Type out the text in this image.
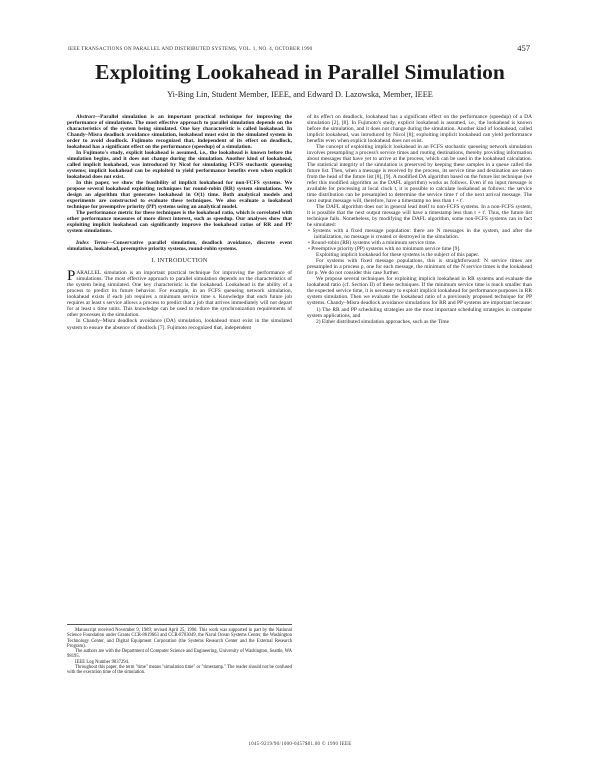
IEEE TRANSACTIONS ON PARALLEL AND DISTRIBUTED SYSTEMS, VOL. 1, NO. 4, OCTOBER 1990	457
Exploiting Lookahead in Parallel Simulation
Yi-Bing Lin, Student Member, IEEE, and Edward D. Lazowska, Member, IEEE

Abstract—Parallel simulation is an important practical technique for improving the performance of simulations. The most effective approach to parallel simulation depends on the characteristics of the system being simulated. One key characteristic is called lookahead. In Chandy–Misra deadlock avoidance simulation, lookahead must exist in the simulated system in order to avoid deadlock. Fujimoto recognized that, independent of its effect on deadlock, lookahead has a significant effect on the performance (speedup) of a simulation.

In Fujimoto's study, explicit lookahead is assumed, i.e., the lookahead is known before the simulation begins, and it does not change during the simulation. Another kind of lookahead, called implicit lookahead, was introduced by Nicol for simulating FCFS stochastic queueing systems; implicit lookahead can be exploited to yield performance benefits even when explicit lookahead does not exist.

In this paper, we show the feasibility of implicit lookahead for non-FCFS systems. We propose several lookahead exploiting techniques for round-robin (RR) system simulations. We design an algorithm that generates lookahead in O(1) time. Both analytical models and experiments are constructed to evaluate these techniques. We also evaluate a lookahead technique for preemptive priority (PP) systems using an analytical model.

The performance metric for these techniques is the lookahead ratio, which is correlated with other performance measures of more direct interest, such as speedup. Our analyses show that exploiting implicit lookahead can significantly improve the lookahead ratios of RR and PP system simulations.

Index Terms—Conservative parallel simulation, deadlock avoidance, discrete event simulation, lookahead, preemptive priority systems, round-robin systems.

I. INTRODUCTION

PARALLEL simulation is an important practical technique for improving the performance of simulations. The most effective approach to parallel simulation depends on the characteristics of the system being simulated. One key characteristic is the lookahead. Lookahead is the ability of a process to predict its future behavior. For example, in an FCFS queueing network simulation, lookahead exists if each job requires a minimum service time s. Knowledge that each future job requires at least s service allows a process to predict that a job that arrives immediately will not depart for at least s time units. This knowledge can be used to reduce the synchronization requirements of other processes in the simulation.

In Chandy–Misra deadlock avoidance (DA) simulation, lookahead must exist in the simulated system to ensure the absence of deadlock [7]. Fujimoto recognized that, independent

Manuscript received November 9, 1989; revised April 25, 1990. This work was supported in part by the National Science Foundation under Grants CCR-8619663 and CCR-8703049, the Naval Ocean Systems Center, the Washington Technology Center, and Digital Equipment Corporation (the Systems Research Center and the External Research Program).

The authors are with the Department of Computer Science and Engineering, University of Washington, Seattle, WA 98195.

IEEE Log Number 9037294.

Throughout this paper, the term "time" means "simulation time" or "timestamp." The reader should not be confused with the execution time of the simulation.

of its effect on deadlock, lookahead has a significant effect on the performance (speedup) of a DA simulation [2], [8]. In Fujimoto's study, explicit lookahead is assumed, i.e., the lookahead is known before the simulation, and it does not change during the simulation. Another kind of lookahead, called implicit lookahead, was introduced by Nicol [8]; exploiting implicit lookahead can yield performance benefits even when explicit lookahead does not exist.

The concept of exploiting implicit lookahead in an FCFS stochastic queueing network simulation involves presampling a process's service times and routing destinations, thereby providing information about messages that have yet to arrive at the process, which can be used in the lookahead calculation. The statistical integrity of the simulation is preserved by keeping these samples in a queue called the future list. Then, when a message is received by the process, its service time and destination are taken from the head of the future list [8], [9]. A modified DA algorithm based on the future list technique (we refer this modified algorithm as the DAFL algorithm) works as follows. Even if no input message is available for processing at local clock t, it is possible to calculate lookahead as follows: the service time distribution can be presampled to determine the service time t' of the next arrival message. The next output message will, therefore, have a timestamp no less than t + t'.

The DAFL algorithm does not in general lead itself to non-FCFS systems. In a non-FCFS system, it is possible that the next output message will have a timestamp less than t + t'. Thus, the future list technique fails. Nonetheless, by modifying the DAFL algorithm, some non-FCFS systems can in fact be simulated:

• Systems with a fixed message population: there are N messages in the system, and after the initialization, no message is created or destroyed in the simulation.

• Round-robin (RR) systems with a minimum service time.

• Preemptive priority (PP) systems with no minimum service time [9].

Exploiting implicit lookahead for these systems is the subject of this paper.

For systems with fixed message populations, this is straightforward: N service times are presampled in a process p, one for each message, the minimum of the N service times is the lookahead for p. We do not consider this case further.

We propose several techniques for exploiting implicit lookahead in RR systems and evaluate the lookahead ratio (cf. Section II) of these techniques. If the minimum service time is much smaller than the expected service time, it is necessary to exploit implicit lookahead for performance purposes in RR system simulation. Then we evaluate the lookahead ratio of a previously proposed technique for PP systems. Chandy–Misra deadlock avoidance simulations for RR and PP systems are important because:

1) The RR and PP scheduling strategies are the most important scheduling strategies in computer system applications, and

2) Either distributed simulation approaches, such as the Time

1045-9219/90/1000-0457$01.00 © 1990 IEEE
